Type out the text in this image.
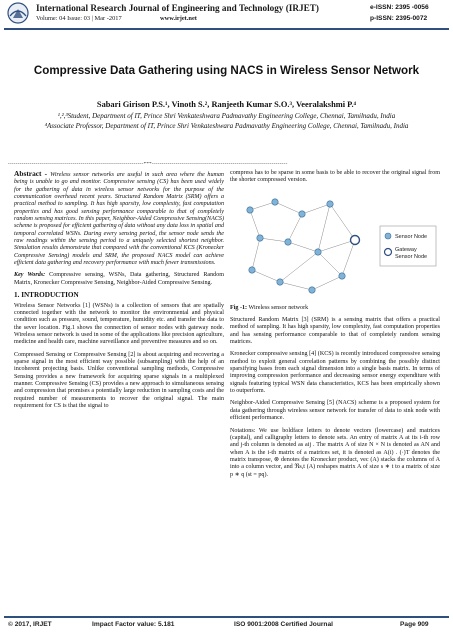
International Research Journal of Engineering and Technology (IRJET)
Volume: 04 Issue: 03 | Mar -2017	www.irjet.net
e-ISSN: 2395 -0056
p-ISSN: 2395-0072
Compressive Data Gathering using NACS in Wireless Sensor Network
Sabari Girison P.S.¹, Vinoth S.², Ranjeeth Kumar S.O.³, Veeralakshmi P.⁴
¹,²,³Student, Department of IT, Prince Shri Venkateshwara Padmavathy Engineering College, Chennai, Tamilnadu, India
⁴Associate Professor, Department of IT, Prince Shri Venkateshwara Padmavathy Engineering College, Chennai, Tamilnadu, India
---------------------------------------------------------------------***---------------------------------------------------------------------

Abstract - Wireless sensor networks are useful in such area where the human being is unable to go and monitor. Compressive sensing (CS) has been used widely for the gathering of data in wireless sensor networks for the purpose of the communication overhead recent years. Structured Random Matrix (SRM) offers a practical method to sampling. It has high sparsity, low complexity, fast computation properties and has good sensing performance comparable to that of completely random sensing matrices. In this paper, Neighbor-Aided Compressive Sensing(NACS) scheme is proposed for efficient gathering of data without any data loss in spatial and temporal correlated WSNs. During every sensing period, the sensor node sends the raw readings within the sensing period to a uniquely selected shortest neighbor. Simulation results demonstrate that compared with the conventional KCS (Kronecker Compressive Sensing) models and SRM, the proposed NACS model can achieve efficient data gathering and recovery performance with much fewer transmissions.

Key Words: Compressive sensing, WSNs, Data gathering, Structured Random Matrix, Kronecker Compressive Sensing, Neighbor-Aided Compressive Sensing.

1. INTRODUCTION

Wireless Sensor Networks [1] (WSNs) is a collection of sensors that are spatially connected together with the network to monitor the environmental and physical condition such as pressure, sound, temperature, humidity etc. and transfer the data to the sever location. Fig.1 shows the connection of sensor nodes with gateway node. Wireless sensor network is used in some of the applications like precision agriculture, medicine and health care, machine surveillance and preventive measures and so on.

Compressed Sensing or Compressive Sensing [2] is about acquiring and recovering a sparse signal in the most efficient way possible (subsampling) with the help of an incoherent projecting basis. Unlike conventional sampling methods, Compressive Sensing provides a new framework for acquiring sparse signals in a multiplexed manner. Compressive Sensing (CS) provides a new approach to simultaneous sensing and compression that promises a potentially large reduction in sampling costs and the required number of measurements to recover the original signal. The main requirement for CS is that the signal to

compress has to be sparse in some basis to be able to recover the original signal from the shorter compressed version.

Sensor Node
Gateway
Sensor Node

Fig -1: Wireless sensor network

Structured Random Matrix [3] (SRM) is a sensing matrix that offers a practical method of sampling. It has high sparsity, low complexity, fast computation properties and has sensing performance comparable to that of completely random sensing matrices.

Kronecker compressive sensing [4] (KCS) is recently introduced compressive sensing method to exploit general correlation patterns by combining the possibly distinct sparsifying bases from each signal dimension into a single basis matrix. In terms of improving compression performance and decreasing sensor energy expenditure with signals featuring typical WSN data characteristics, KCS has been empirically shown to outperform.

Neighbor-Aided Compressive Sensing [5] (NACS) scheme is a proposed system for data gathering through wireless sensor network for transfer of data to sink node with efficient performance.

Notations: We use boldface letters to denote vectors (lowercase) and matrices (capital), and calligraphy letters to denote sets. An entry of matrix A at its i-th row and j-th column is denoted as aij . The matrix A of size N × N is denoted as AN and when A is the i-th matrix of a matrices set, it is denoted as A(i) . (·)T denotes the matrix transpose, ⊗ denotes the Kronecker product, vec (A) stacks the columns of A into a column vector, and ℜs,t (A) reshapes matrix A of size s ∗ t to a matrix of size p ∗ q (st = pq).

© 2017, IRJET	Impact Factor value: 5.181	ISO 9001:2008 Certified Journal	Page 909
